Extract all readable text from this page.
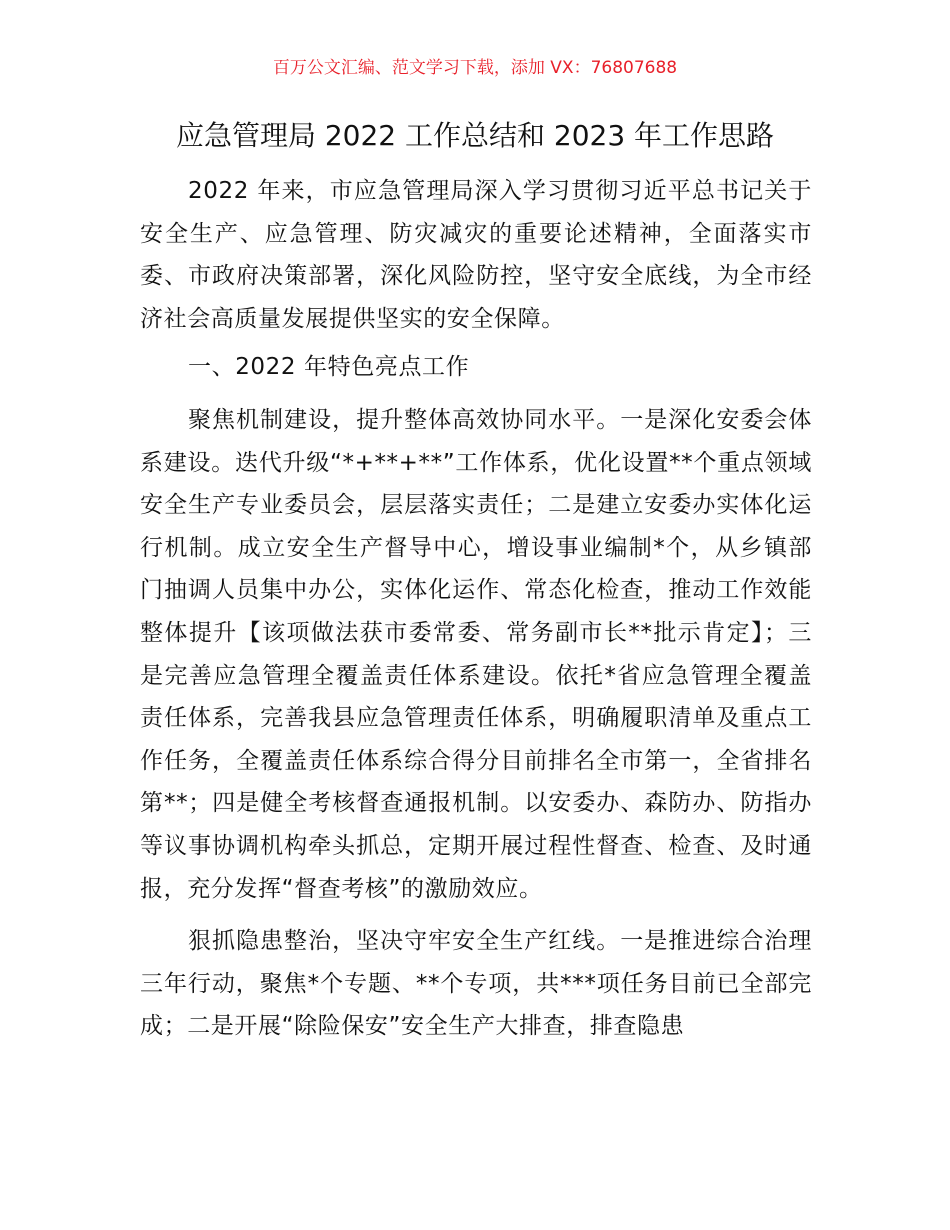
百万公文汇编、范文学习下载，添加 VX：76807688
应急管理局 2022 工作总结和 2023 年工作思路

2022 年来，市应急管理局深入学习贯彻习近平总书记关于安全生产、应急管理、防灾减灾的重要论述精神，全面落实市委、市政府决策部署，深化风险防控，坚守安全底线，为全市经济社会高质量发展提供坚实的安全保障。

一、2022 年特色亮点工作

聚焦机制建设，提升整体高效协同水平。一是深化安委会体系建设。迭代升级“*+**+**”工作体系，优化设置**个重点领域安全生产专业委员会，层层落实责任；二是建立安委办实体化运行机制。成立安全生产督导中心，增设事业编制*个，从乡镇部门抽调人员集中办公，实体化运作、常态化检查，推动工作效能整体提升【该项做法获市委常委、常务副市长**批示肯定】；三是完善应急管理全覆盖责任体系建设。依托*省应急管理全覆盖责任体系，完善我县应急管理责任体系，明确履职清单及重点工作任务，全覆盖责任体系综合得分目前排名全市第一，全省排名第**；四是健全考核督查通报机制。以安委办、森防办、防指办等议事协调机构牵头抓总，定期开展过程性督查、检查、及时通报，充分发挥“督查考核”的激励效应。

狠抓隐患整治，坚决守牢安全生产红线。一是推进综合治理三年行动，聚焦*个专题、**个专项，共***项任务目前已全部完成；二是开展“除险保安”安全生产大排查，排查隐患
